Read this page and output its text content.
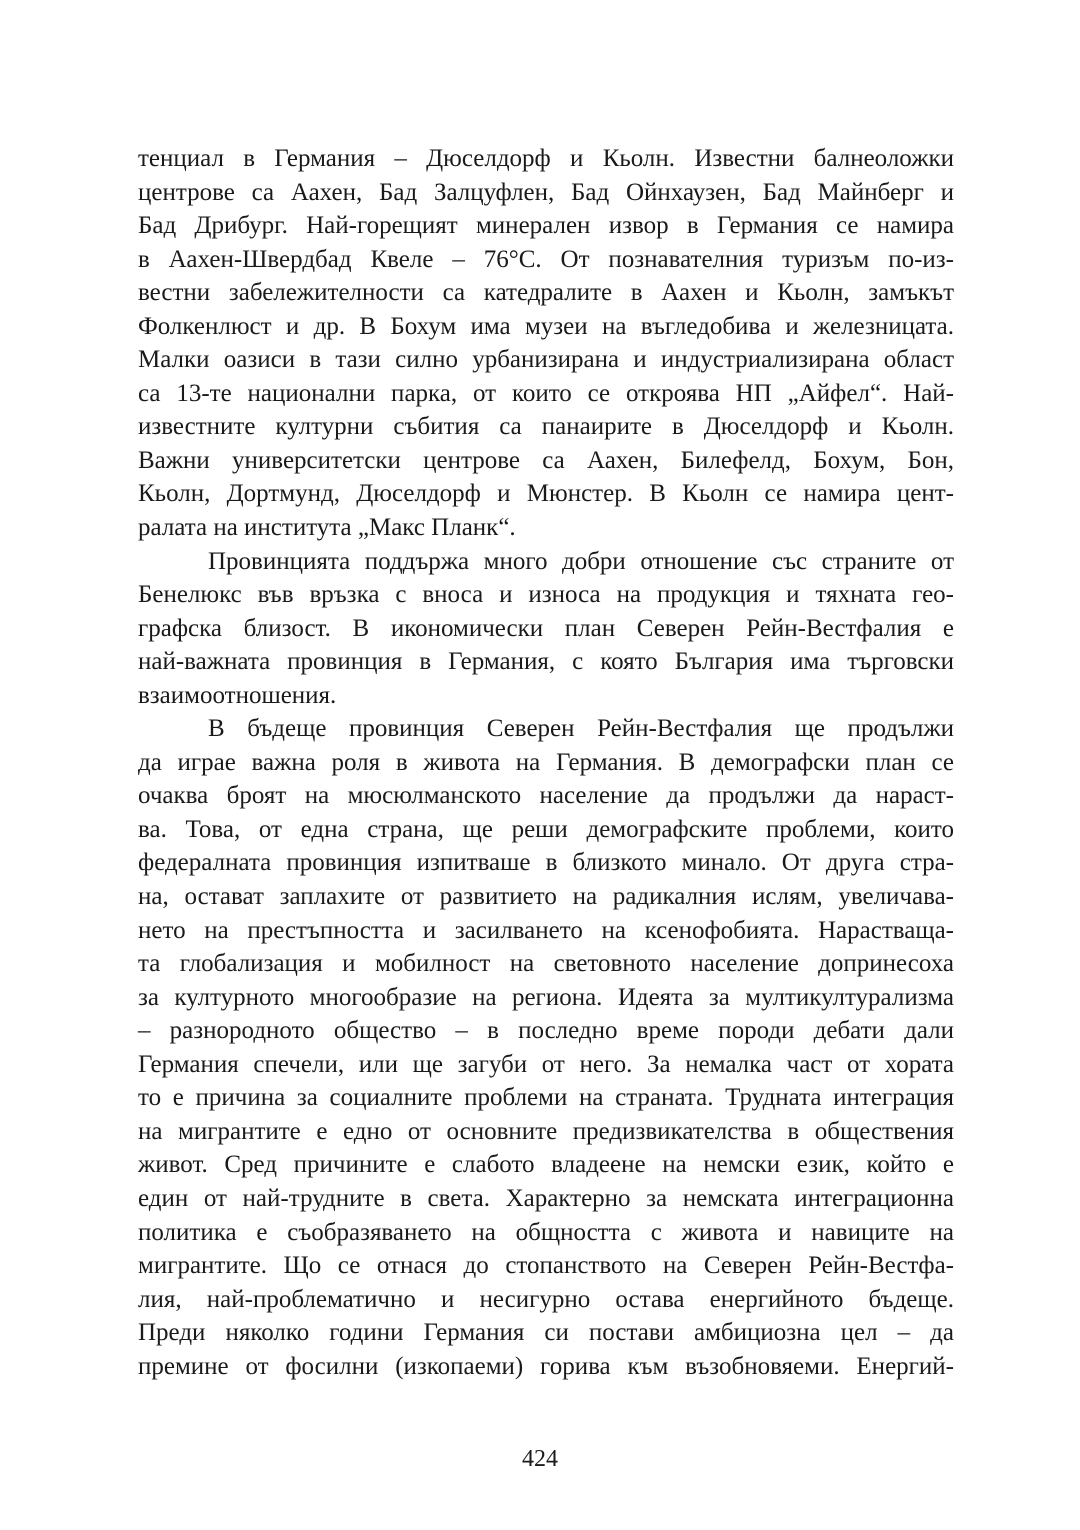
тенциал в Германия – Дюселдорф и Кьолн. Известни балнеоложки
центрове са Аахен, Бад Залцуфлен, Бад Ойнхаузен, Бад Майнберг и
Бад Дрибург. Най-горещият минерален извор в Германия се намира
в Аахен-Швердбад Квеле – 76°С. От познавателния туризъм по-из-
вестни забележителности са катедралите в Аахен и Кьолн, замъкът
Фолкенлюст и др. В Бохум има музеи на въгледобива и железницата.
Малки оазиси в тази силно урбанизирана и индустриализирана област
са 13-те национални парка, от които се откроява НП „Айфел“. Най-
известните културни събития са панаирите в Дюселдорф и Кьолн.
Важни университетски центрове са Аахен, Билефелд, Бохум, Бон,
Кьолн, Дортмунд, Дюселдорф и Мюнстер. В Кьолн се намира цент-
ралата на института „Макс Планк“.
Провинцията поддържа много добри отношение със страните от
Бенелюкс във връзка с вноса и износа на продукция и тяхната гео-
графска близост. В икономически план Северен Рейн-Вестфалия е
най-важната провинция в Германия, с която България има търговски
взаимоотношения.
В бъдеще провинция Северен Рейн-Вестфалия ще продължи
да играе важна роля в живота на Германия. В демографски план се
очаква броят на мюсюлманското население да продължи да нараст-
ва. Това, от една страна, ще реши демографските проблеми, които
федералната провинция изпитваше в близкото минало. От друга стра-
на, остават заплахите от развитието на радикалния ислям, увеличава-
нето на престъпността и засилването на ксенофобията. Нарастваща-
та глобализация и мобилност на световното население допринесоха
за културното многообразие на региона. Идеята за мултикултурализма
– разнородното общество – в последно време породи дебати дали
Германия спечели, или ще загуби от него. За немалка част от хората
то е причина за социалните проблеми на страната. Трудната интеграция
на мигрантите е едно от основните предизвикателства в обществения
живот. Сред причините е слабото владеене на немски език, който е
един от най-трудните в света. Характерно за немската интеграционна
политика е съобразяването на общността с живота и навиците на
мигрантите. Що се отнася до стопанството на Северен Рейн-Вестфа-
лия, най-проблематично и несигурно остава енергийното бъдеще.
Преди няколко години Германия си постави амбициозна цел – да
премине от фосилни (изкопаеми) горива към възобновяеми. Енергий-
424
